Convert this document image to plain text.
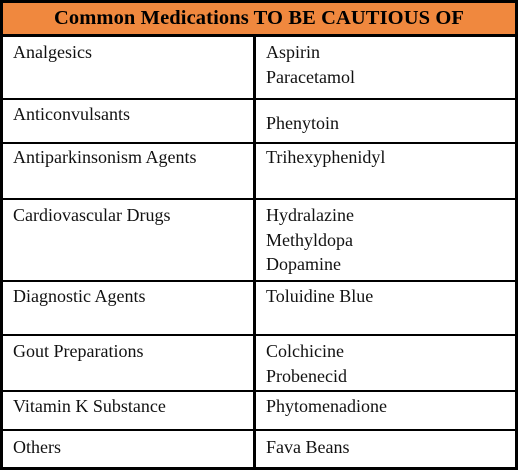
Common Medications TO BE CAUTIOUS OF
Analgesics	Aspirin
Paracetamol
Anticonvulsants	Phenytoin
Antiparkinsonism Agents	Trihexyphenidyl
Cardiovascular Drugs	Hydralazine
Methyldopa
Dopamine
Diagnostic Agents	Toluidine Blue
Gout Preparations	Colchicine
Probenecid
Vitamin K Substance	Phytomenadione
Others	Fava Beans
